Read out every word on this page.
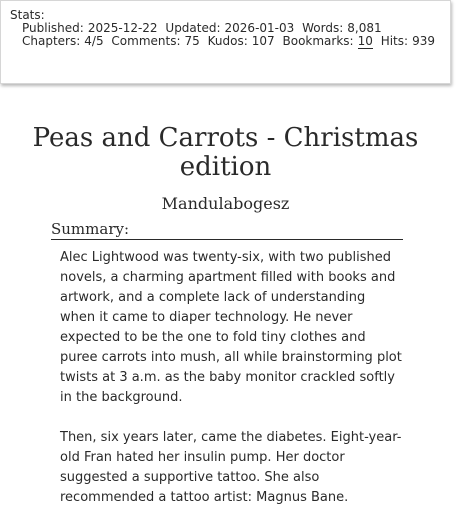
Stats:
Published: 2025-12-22 Updated: 2026-01-03 Words: 8,081 Chapters: 4/5 Comments: 75 Kudos: 107 Bookmarks: 10 Hits: 939
Peas and Carrots - Christmas edition
Mandulabogesz
Summary:

Alec Lightwood was twenty-six, with two published novels, a charming apartment filled with books and artwork, and a complete lack of understanding when it came to diaper technology. He never expected to be the one to fold tiny clothes and puree carrots into mush, all while brainstorming plot twists at 3 a.m. as the baby monitor crackled softly in the background.

Then, six years later, came the diabetes. Eight-year-old Fran hated her insulin pump. Her doctor suggested a supportive tattoo. She also recommended a tattoo artist: Magnus Bane.
